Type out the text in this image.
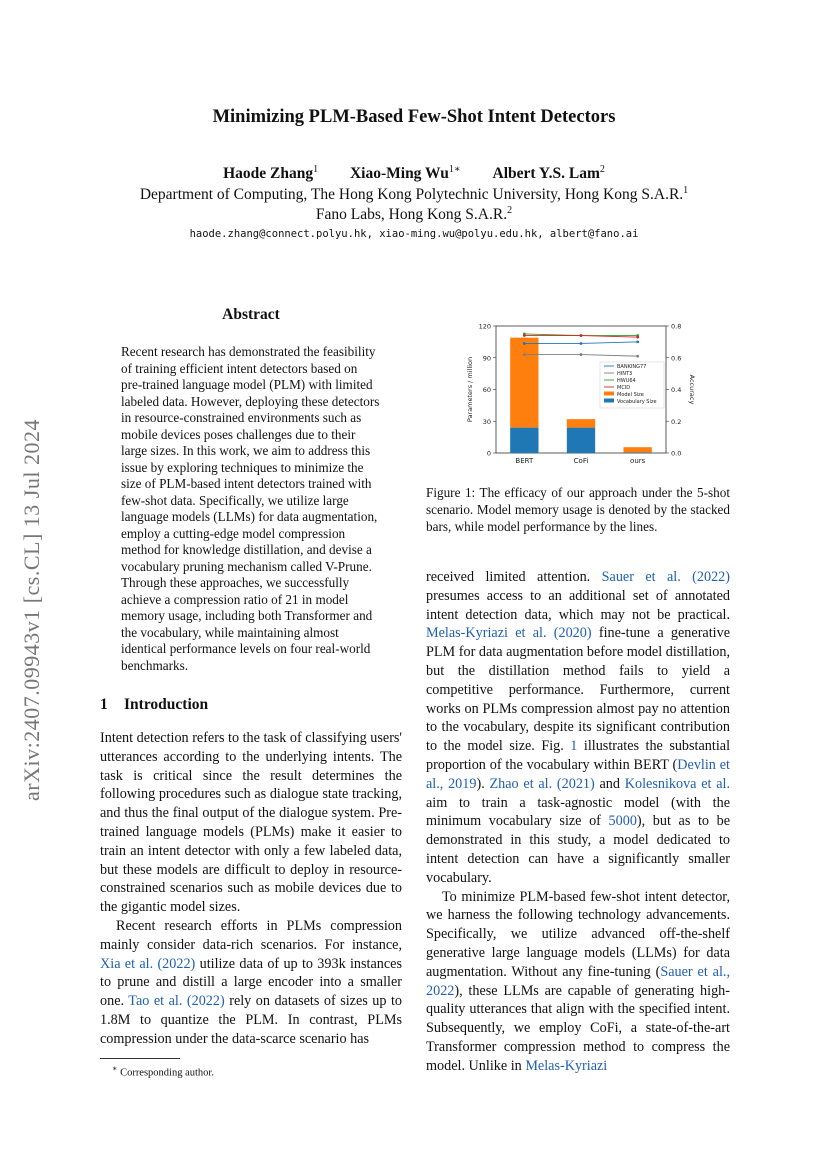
arXiv:2407.09943v1 [cs.CL] 13 Jul 2024
Minimizing PLM-Based Few-Shot Intent Detectors
Haode Zhang$^1$ Xiao-Ming $Wu^{1∗}$ Albert Y.S. Lam$^2$
Department of Computing, The Hong Kong Polytechnic University, Hong Kong S.A.R.$^1$
Fano Labs, Hong Kong S.A.R.$^2$
haode.zhang@connect.polyu.hk, xiao-ming.wu@polyu.edu.hk, albert@fano.ai
Abstract
Recent research has demonstrated the feasibility of training efficient intent detectors based on pre-trained language model (PLM) with limited labeled data. However, deploying these detectors in resource-constrained environments such as mobile devices poses challenges due to their large sizes. In this work, we aim to address this issue by exploring techniques to minimize the size of PLM-based intent detectors trained with few-shot data. Specifically, we utilize large language models (LLMs) for data augmentation, employ a cutting-edge model compression method for knowledge distillation, and devise a vocabulary pruning mechanism called V-Prune. Through these approaches, we successfully achieve a compression ratio of 21 in model memory usage, including both Transformer and the vocabulary, while maintaining almost identical performance levels on four real-world benchmarks.
1 Introduction

Intent detection refers to the task of classifying users' utterances according to the underlying intents. The task is critical since the result determines the following procedures such as dialogue state tracking, and thus the final output of the dialogue system. Pre-trained language models (PLMs) make it easier to train an intent detector with only a few labeled data, but these models are difficult to deploy in resource-constrained scenarios such as mobile devices due to the gigantic model sizes.

Recent research efforts in PLMs compression mainly consider data-rich scenarios. For instance, Xia et al. (2022) utilize data of up to 393k instances to prune and distill a large encoder into a smaller one. Tao et al. (2022) rely on datasets of sizes up to 1.8M to quantize the PLM. In contrast, PLMs compression under the data-scarce scenario has

∗ Corresponding author.
BERT	CoFi	ours
0
30
60
90
120
0.0
0.2
0.4
0.6
0.8
Parameters / million	Accuracy
BANKING77
HINT3
HWU64
MCID
Model Size
Vocabulary Size
Figure 1: The efficacy of our approach under the 5-shot scenario. Model memory usage is denoted by the stacked bars, while model performance by the lines.

received limited attention. Sauer et al. (2022) presumes access to an additional set of annotated intent detection data, which may not be practical. Melas-Kyriazi et al. (2020) fine-tune a generative PLM for data augmentation before model distillation, but the distillation method fails to yield a competitive performance. Furthermore, current works on PLMs compression almost pay no attention to the vocabulary, despite its significant contribution to the model size. Fig. 1 illustrates the substantial proportion of the vocabulary within BERT (Devlin et al., 2019). Zhao et al. (2021) and Kolesnikova et al. aim to train a task-agnostic model (with the minimum vocabulary size of 5000), but as to be demonstrated in this study, a model dedicated to intent detection can have a significantly smaller vocabulary.

To minimize PLM-based few-shot intent detector, we harness the following technology advancements. Specifically, we utilize advanced off-the-shelf generative large language models (LLMs) for data augmentation. Without any fine-tuning (Sauer et al., 2022), these LLMs are capable of generating high-quality utterances that align with the specified intent. Subsequently, we employ CoFi, a state-of-the-art Transformer compression method to compress the model. Unlike in Melas-Kyriazi
